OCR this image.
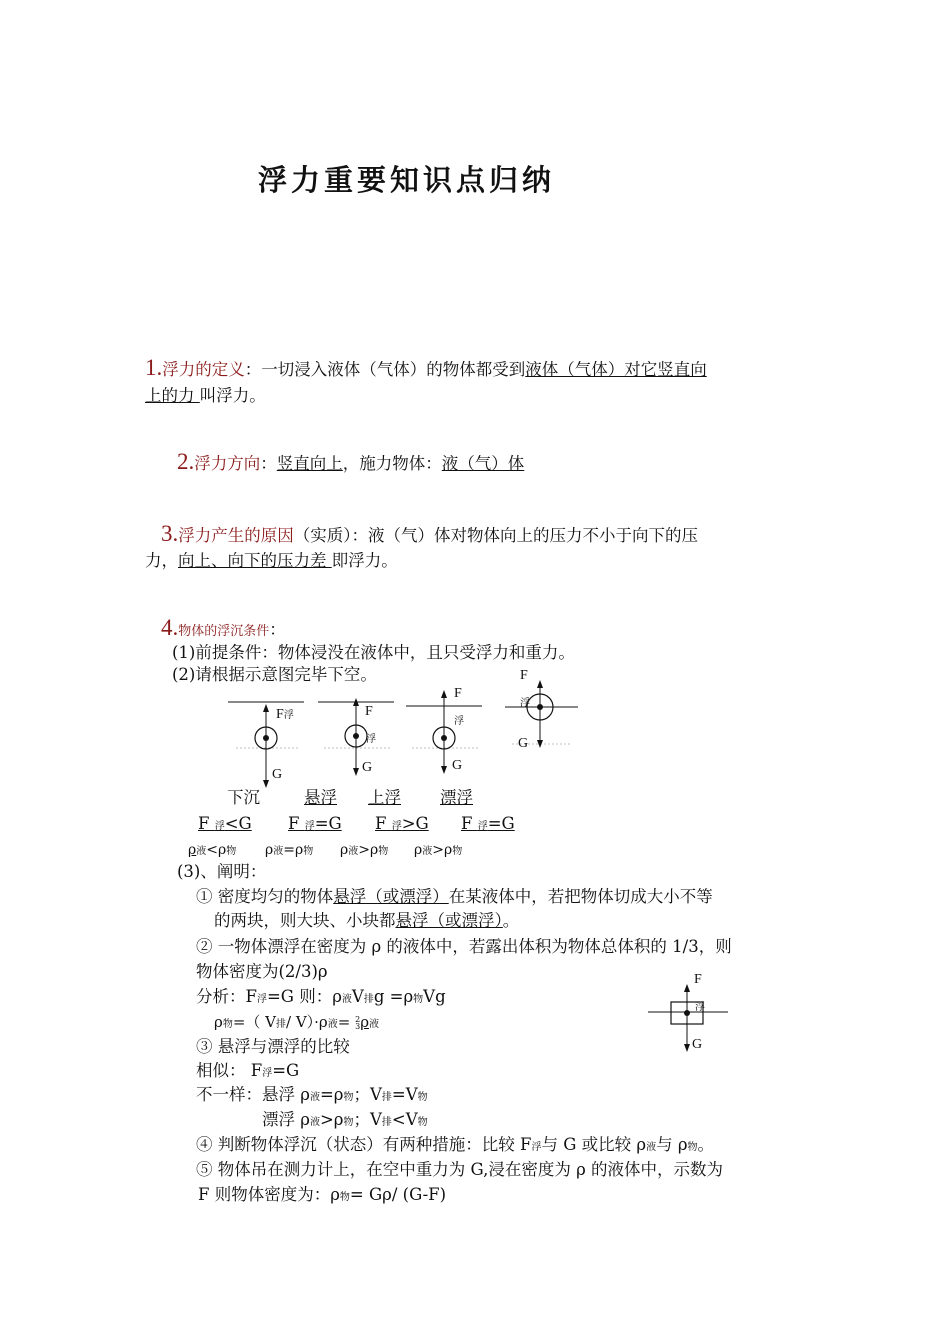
浮力重要知识点归纳
1.浮力的定义：一切浸入液体（气体）的物体都受到液体（气体）对它竖直向
上的力 叫浮力。
2.浮力方向：竖直向上，施力物体：液（气）体
3.浮力产生的原因（实质）：液（气）体对物体向上的压力不小于向下的压
力，向上、向下的压力差 即浮力。
4.物体的浮沉条件：
(1)前提条件：物体浸没在液体中，且只受浮力和重力。
(2)请根据示意图完毕下空。
F浮
G
F
浮
G
F
浮
G
F
浮
G
F
浮
G
下沉	悬浮 上浮 漂浮
F 浮<G F 浮=G F 浮>G F 浮=G
ρ液<ρ物 ρ液=ρ物 ρ液>ρ物 ρ液>ρ物
(3)、阐明：
① 密度均匀的物体悬浮（或漂浮）在某液体中，若把物体切成大小不等
的两块，则大块、小块都悬浮（或漂浮）。
② 一物体漂浮在密度为 ρ 的液体中，若露出体积为物体总体积的 1/3，则
物体密度为(2/3)ρ
分析：F浮=G 则：ρ液V排g =ρ物Vg
ρ物=（ V排/ V）·ρ液= 2
3ρ液
③ 悬浮与漂浮的比较
相似： F浮=G
不一样：悬浮 ρ液=ρ物；V排=V物
漂浮 ρ液>ρ物；V排<V物
④ 判断物体浮沉（状态）有两种措施：比较 F浮与 G 或比较 ρ液与 ρ物。
⑤ 物体吊在测力计上，在空中重力为 G,浸在密度为 ρ 的液体中，示数为
F 则物体密度为：ρ物= Gρ/ (G-F)
